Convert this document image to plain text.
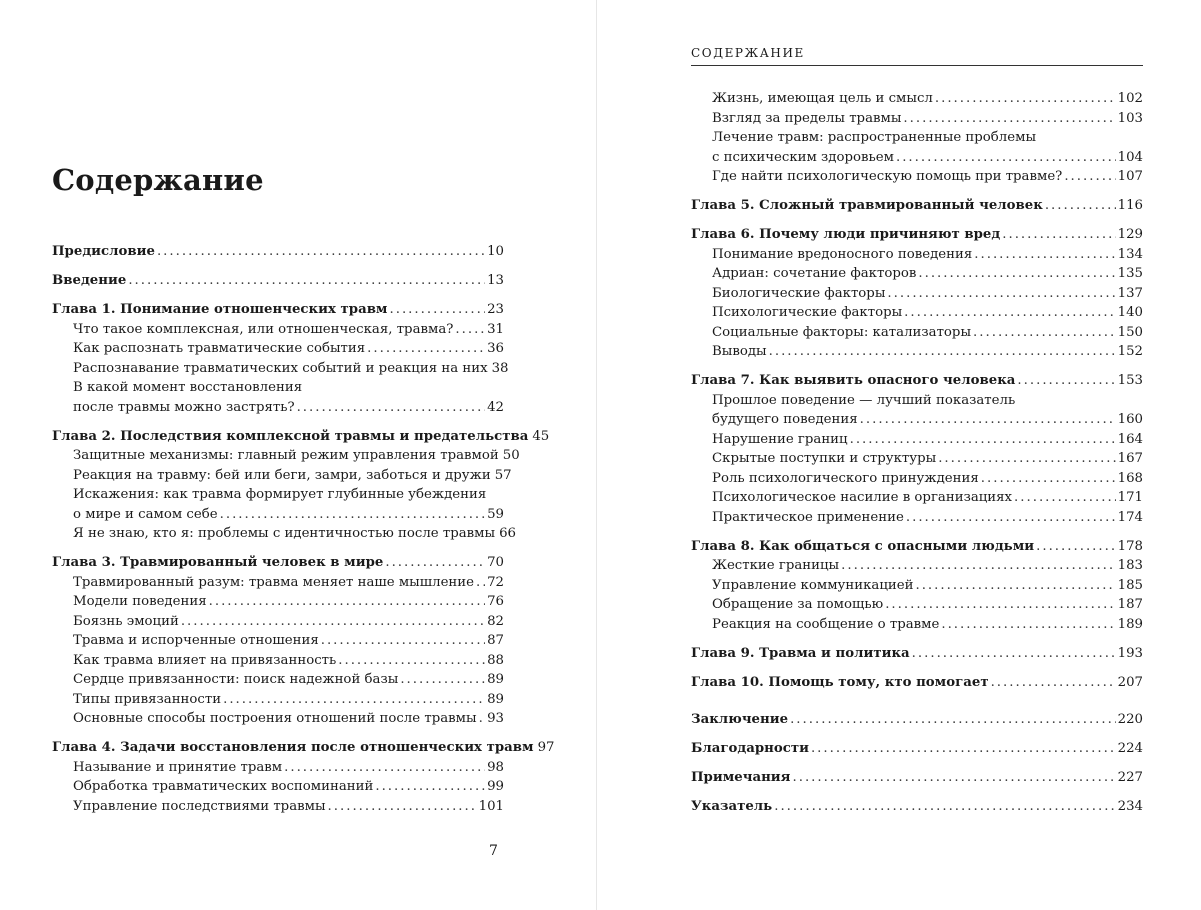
Содержание
Предисловие .....	10
Введение .....	13
Глава 1. Понимание отношенческих травм .....	23
Что такое комплексная, или отношенческая, травма? .....	31
Как распознать травматические события .....	36
Распознавание травматических событий и реакция на них 38
В какой момент восстановления
после травмы можно застрять? .....	42
Глава 2. Последствия комплексной травмы и предательства 45
Защитные механизмы: главный режим управления травмой 50
Реакция на травму: бей или беги, замри, заботься и дружи 57
Искажения: как травма формирует глубинные убеждения
о мире и самом себе .....	59
Я не знаю, кто я: проблемы с идентичностью после травмы 66
Глава 3. Травмированный человек в мире .....	70
Травмированный разум: травма меняет наше мышление ..... 72
Модели поведения .....	76
Боязнь эмоций .....	82
Травма и испорченные отношения .....	87
Как травма влияет на привязанность .....	88
Сердце привязанности: поиск надежной базы .....	89
Типы привязанности .....	89
Основные способы построения отношений после травмы ..... 93
Глава 4. Задачи восстановления после отношенческих травм 97
Называние и принятие травм .....	98
Обработка травматических воспоминаний .....	99
Управление последствиями травмы .....	101
7
СОДЕРЖАНИЕ
Жизнь, имеющая цель и смысл .....	102
Взгляд за пределы травмы .....	103
Лечение травм: распространенные проблемы
с психическим здоровьем .....	104
Где найти психологическую помощь при травме? .....	107
Глава 5. Сложный травмированный человек .....	116
Глава 6. Почему люди причиняют вред .....	129
Понимание вредоносного поведения .....	134
Адриан: сочетание факторов .....	135
Биологические факторы .....	137
Психологические факторы .....	140
Социальные факторы: катализаторы .....	150
Выводы .....	152
Глава 7. Как выявить опасного человека .....	153
Прошлое поведение — лучший показатель
будущего поведения .....	160
Нарушение границ .....	164
Скрытые поступки и структуры .....	167
Роль психологического принуждения .....	168
Психологическое насилие в организациях .....	171
Практическое применение .....	174
Глава 8. Как общаться с опасными людьми .....	178
Жесткие границы .....	183
Управление коммуникацией .....	185
Обращение за помощью .....	187
Реакция на сообщение о травме .....	189
Глава 9. Травма и политика .....	193
Глава 10. Помощь тому, кто помогает .....	207
Заключение .....	220
Благодарности .....	224
Примечания .....	227
Указатель .....	234
